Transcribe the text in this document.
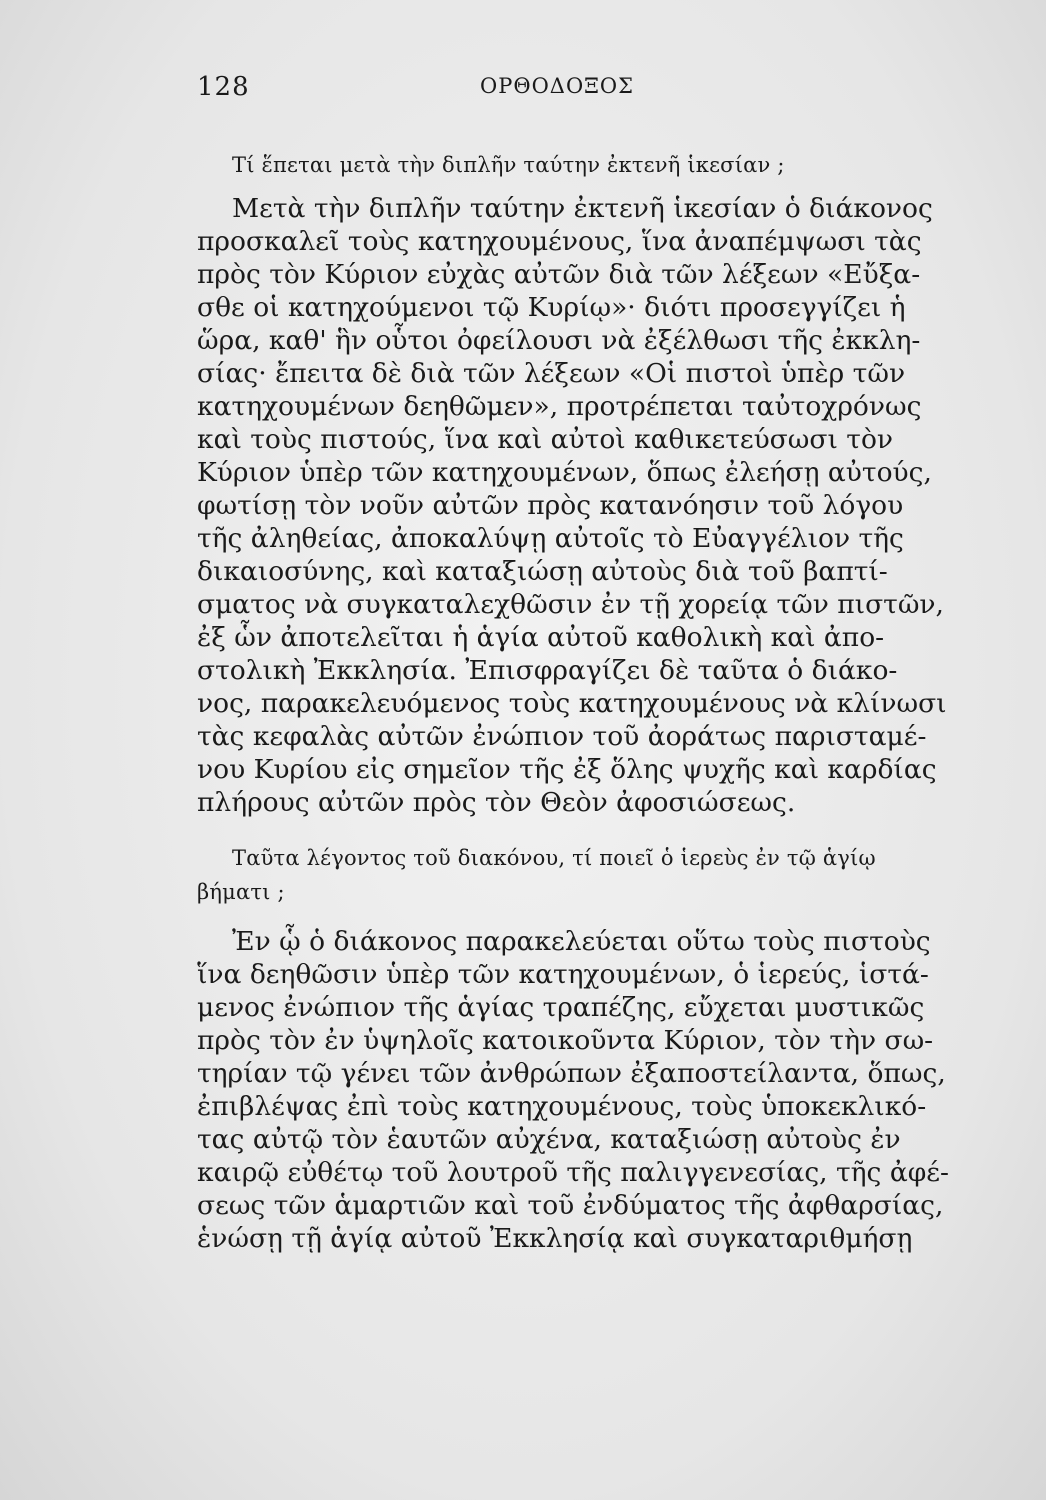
128	ΟΡΘΟΔΟΞΟΣ

Τί ἕπεται μετὰ τὴν διπλῆν ταύτην ἐκτενῆ ἱκεσίαν ;

Μετὰ τὴν διπλῆν ταύτην ἐκτενῆ ἱκεσίαν ὁ διάκονος
προσκαλεῖ τοὺς κατηχουμένους, ἵνα ἀναπέμψωσι τὰς
πρὸς τὸν Κύριον εὐχὰς αὐτῶν διὰ τῶν λέξεων «Εὔξα-
σθε οἱ κατηχούμενοι τῷ Κυρίῳ»· διότι προσεγγίζει ἡ
ὥρα, καθ' ἣν οὗτοι ὀφείλουσι νὰ ἐξέλθωσι τῆς ἐκκλη-
σίας· ἔπειτα δὲ διὰ τῶν λέξεων «Οἱ πιστοὶ ὑπὲρ τῶν
κατηχουμένων δεηθῶμεν», προτρέπεται ταὐτοχρόνως
καὶ τοὺς πιστούς, ἵνα καὶ αὐτοὶ καθικετεύσωσι τὸν
Κύριον ὑπὲρ τῶν κατηχουμένων, ὅπως ἐλεήσῃ αὐτούς,
φωτίσῃ τὸν νοῦν αὐτῶν πρὸς κατανόησιν τοῦ λόγου
τῆς ἀληθείας, ἀποκαλύψῃ αὐτοῖς τὸ Εὐαγγέλιον τῆς
δικαιοσύνης, καὶ καταξιώσῃ αὐτοὺς διὰ τοῦ βαπτί-
σματος νὰ συγκαταλεχθῶσιν ἐν τῇ χορείᾳ τῶν πιστῶν,
ἐξ ὧν ἀποτελεῖται ἡ ἁγία αὐτοῦ καθολικὴ καὶ ἀπο-
στολικὴ Ἐκκλησία. Ἐπισφραγίζει δὲ ταῦτα ὁ διάκο-
νος, παρακελευόμενος τοὺς κατηχουμένους νὰ κλίνωσι
τὰς κεφαλὰς αὐτῶν ἐνώπιον τοῦ ἀοράτως παρισταμέ-
νου Κυρίου εἰς σημεῖον τῆς ἐξ ὅλης ψυχῆς καὶ καρδίας
πλήρους αὐτῶν πρὸς τὸν Θεὸν ἀφοσιώσεως.

Ταῦτα λέγοντος τοῦ διακόνου, τί ποιεῖ ὁ ἱερεὺς ἐν τῷ ἁγίῳ
βήματι ;

Ἐν ᾧ ὁ διάκονος παρακελεύεται οὕτω τοὺς πιστοὺς
ἵνα δεηθῶσιν ὑπὲρ τῶν κατηχουμένων, ὁ ἱερεύς, ἱστά-
μενος ἐνώπιον τῆς ἁγίας τραπέζης, εὔχεται μυστικῶς
πρὸς τὸν ἐν ὑψηλοῖς κατοικοῦντα Κύριον, τὸν τὴν σω-
τηρίαν τῷ γένει τῶν ἀνθρώπων ἐξαποστείλαντα, ὅπως,
ἐπιβλέψας ἐπὶ τοὺς κατηχουμένους, τοὺς ὑποκεκλικό-
τας αὐτῷ τὸν ἑαυτῶν αὐχένα, καταξιώσῃ αὐτοὺς ἐν
καιρῷ εὐθέτῳ τοῦ λουτροῦ τῆς παλιγγενεσίας, τῆς ἀφέ-
σεως τῶν ἁμαρτιῶν καὶ τοῦ ἐνδύματος τῆς ἀφθαρσίας,
ἑνώσῃ τῇ ἁγίᾳ αὐτοῦ Ἐκκλησίᾳ καὶ συγκαταριθμήσῃ
